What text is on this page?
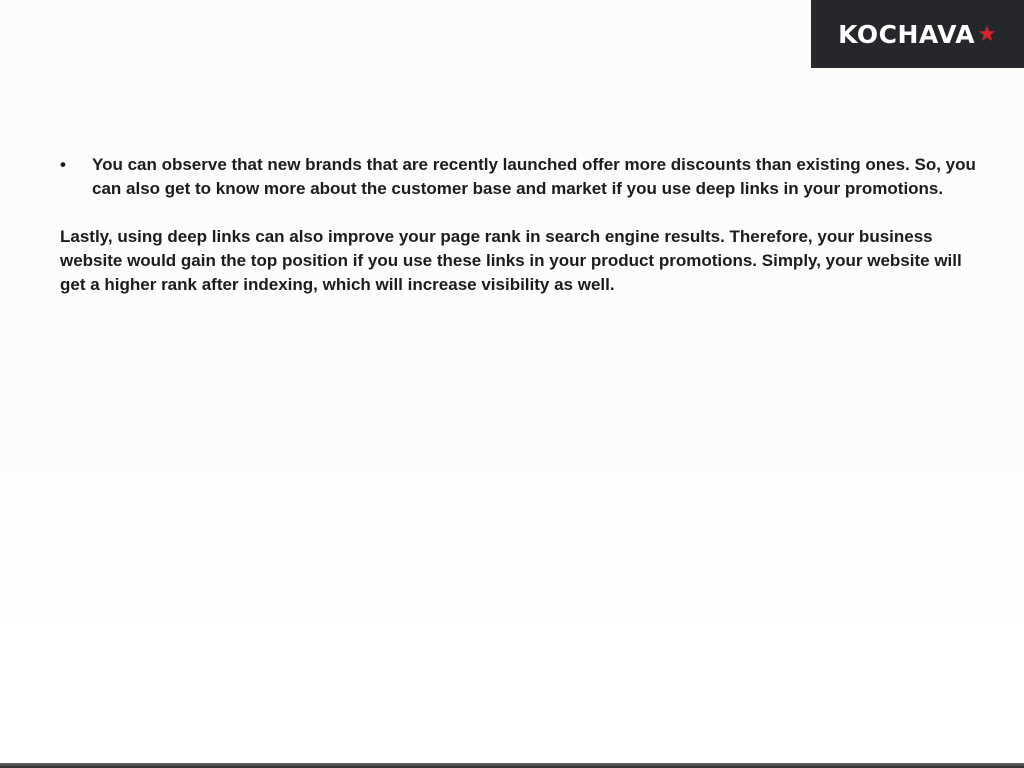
KOCHAVA ★
•	You can observe that new brands that are recently launched offer more discounts than existing ones. So, you can also get to know more about the customer base and market if you use deep links in your promotions.

Lastly, using deep links can also improve your page rank in search engine results. Therefore, your business website would gain the top position if you use these links in your product promotions. Simply, your website will get a higher rank after indexing, which will increase visibility as well.
